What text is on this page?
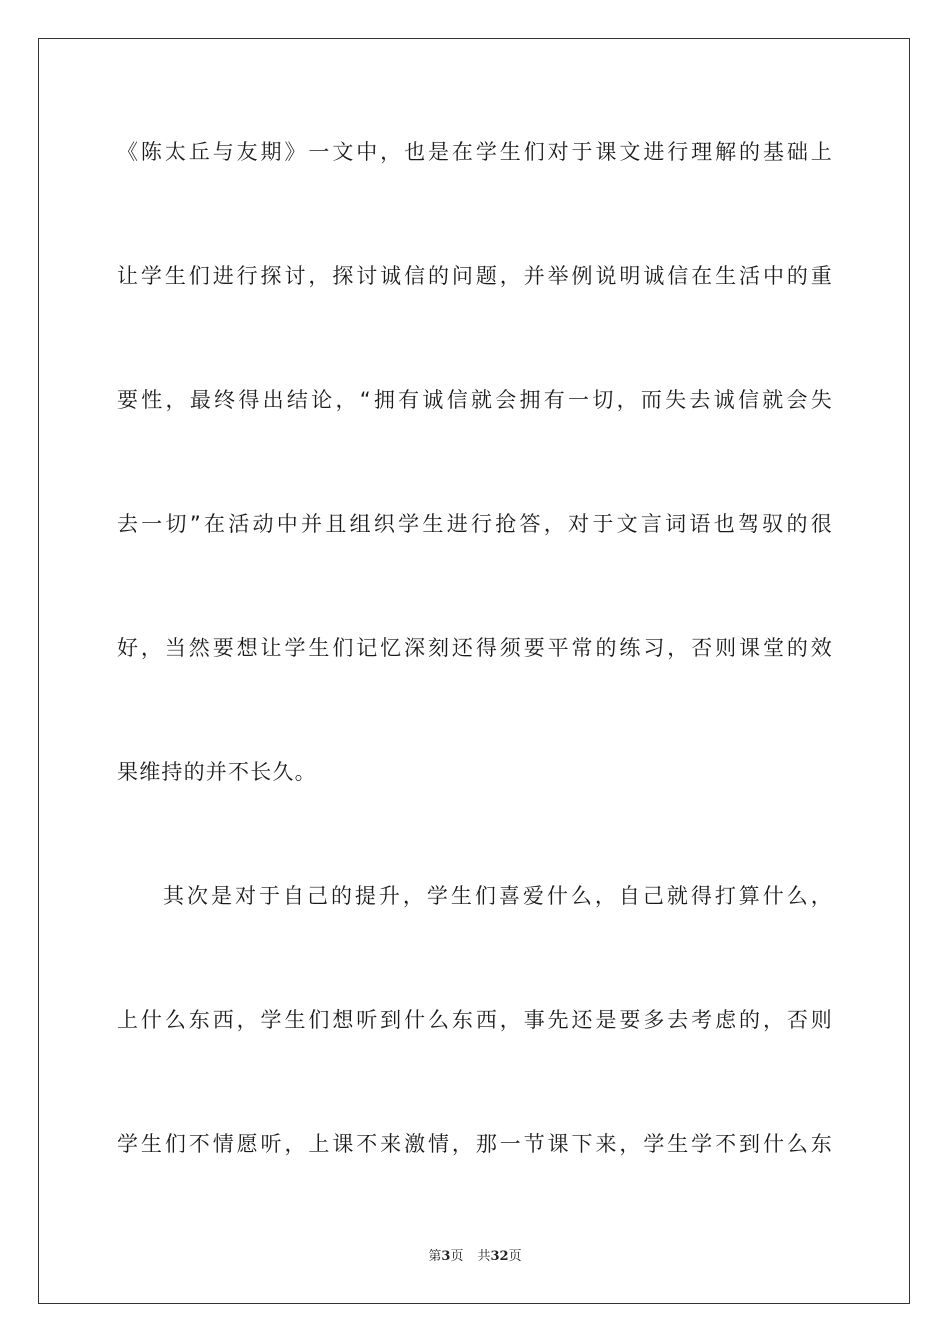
《陈太丘与友期》一文中，也是在学生们对于课文进行理解的基础上
让学生们进行探讨，探讨诚信的问题，并举例说明诚信在生活中的重
要性，最终得出结论，“拥有诚信就会拥有一切，而失去诚信就会失
去一切”在活动中并且组织学生进行抢答，对于文言词语也驾驭的很
好，当然要想让学生们记忆深刻还得须要平常的练习，否则课堂的效
果维持的并不长久。
其次是对于自己的提升，学生们喜爱什么，自己就得打算什么，
上什么东西，学生们想听到什么东西，事先还是要多去考虑的，否则
学生们不情愿听，上课不来激情，那一节课下来，学生学不到什么东
第3页 共32页
